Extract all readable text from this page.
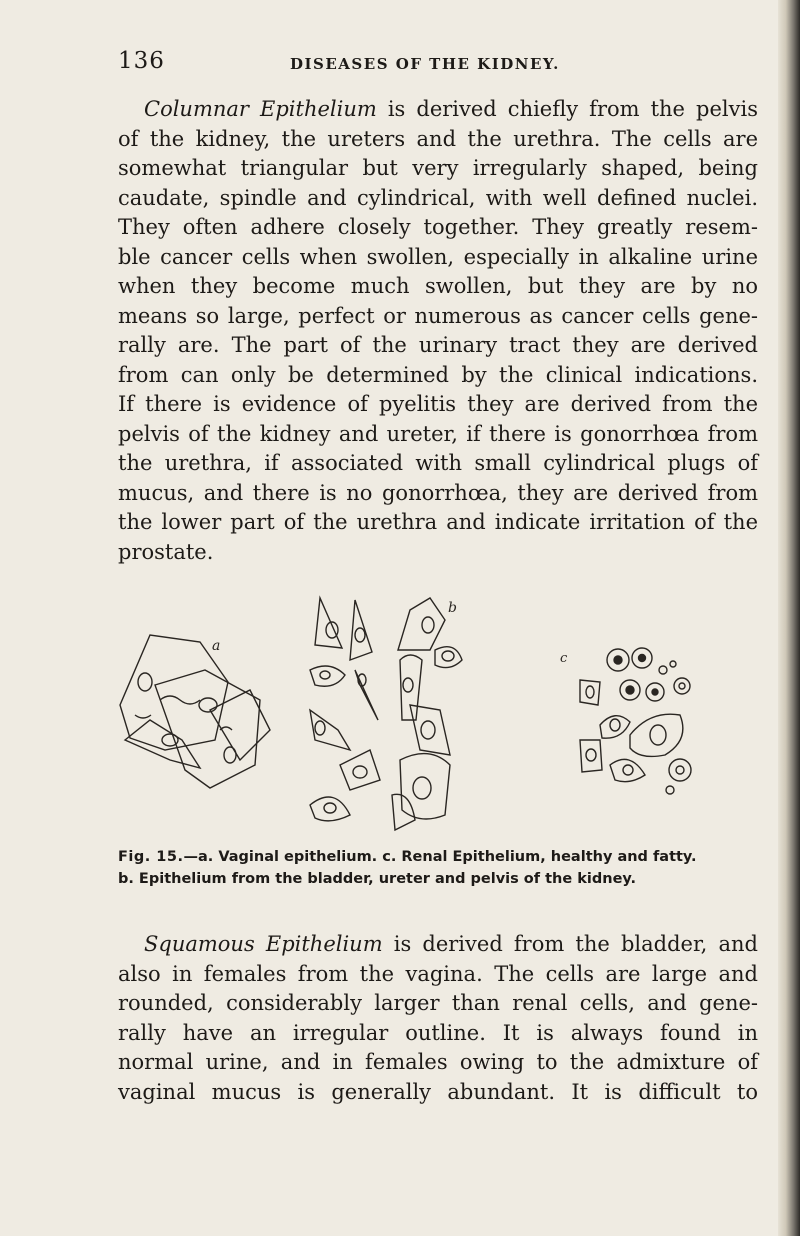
136	DISEASES OF THE KIDNEY.
Columnar Epithelium is derived chiefly from the pelvis
of the kidney, the ureters and the urethra. The cells are
somewhat triangular but very irregularly shaped, being
caudate, spindle and cylindrical, with well defined nuclei.
They often adhere closely together. They greatly resem-
ble cancer cells when swollen, especially in alkaline urine
when they become much swollen, but they are by no
means so large, perfect or numerous as cancer cells gene-
rally are. The part of the urinary tract they are derived
from can only be determined by the clinical indications.
If there is evidence of pyelitis they are derived from the
pelvis of the kidney and ureter, if there is gonorrhœa from
the urethra, if associated with small cylindrical plugs of
mucus, and there is no gonorrhœa, they are derived from
the lower part of the urethra and indicate irritation of the
prostate.
a
b
c
Fig. 15.—a. Vaginal epithelium. c. Renal Epithelium, healthy and fatty.
b. Epithelium from the bladder, ureter and pelvis of the kidney.
Squamous Epithelium is derived from the bladder, and
also in females from the vagina. The cells are large and
rounded, considerably larger than renal cells, and gene-
rally have an irregular outline. It is always found in
normal urine, and in females owing to the admixture of
vaginal mucus is generally abundant. It is difficult to
